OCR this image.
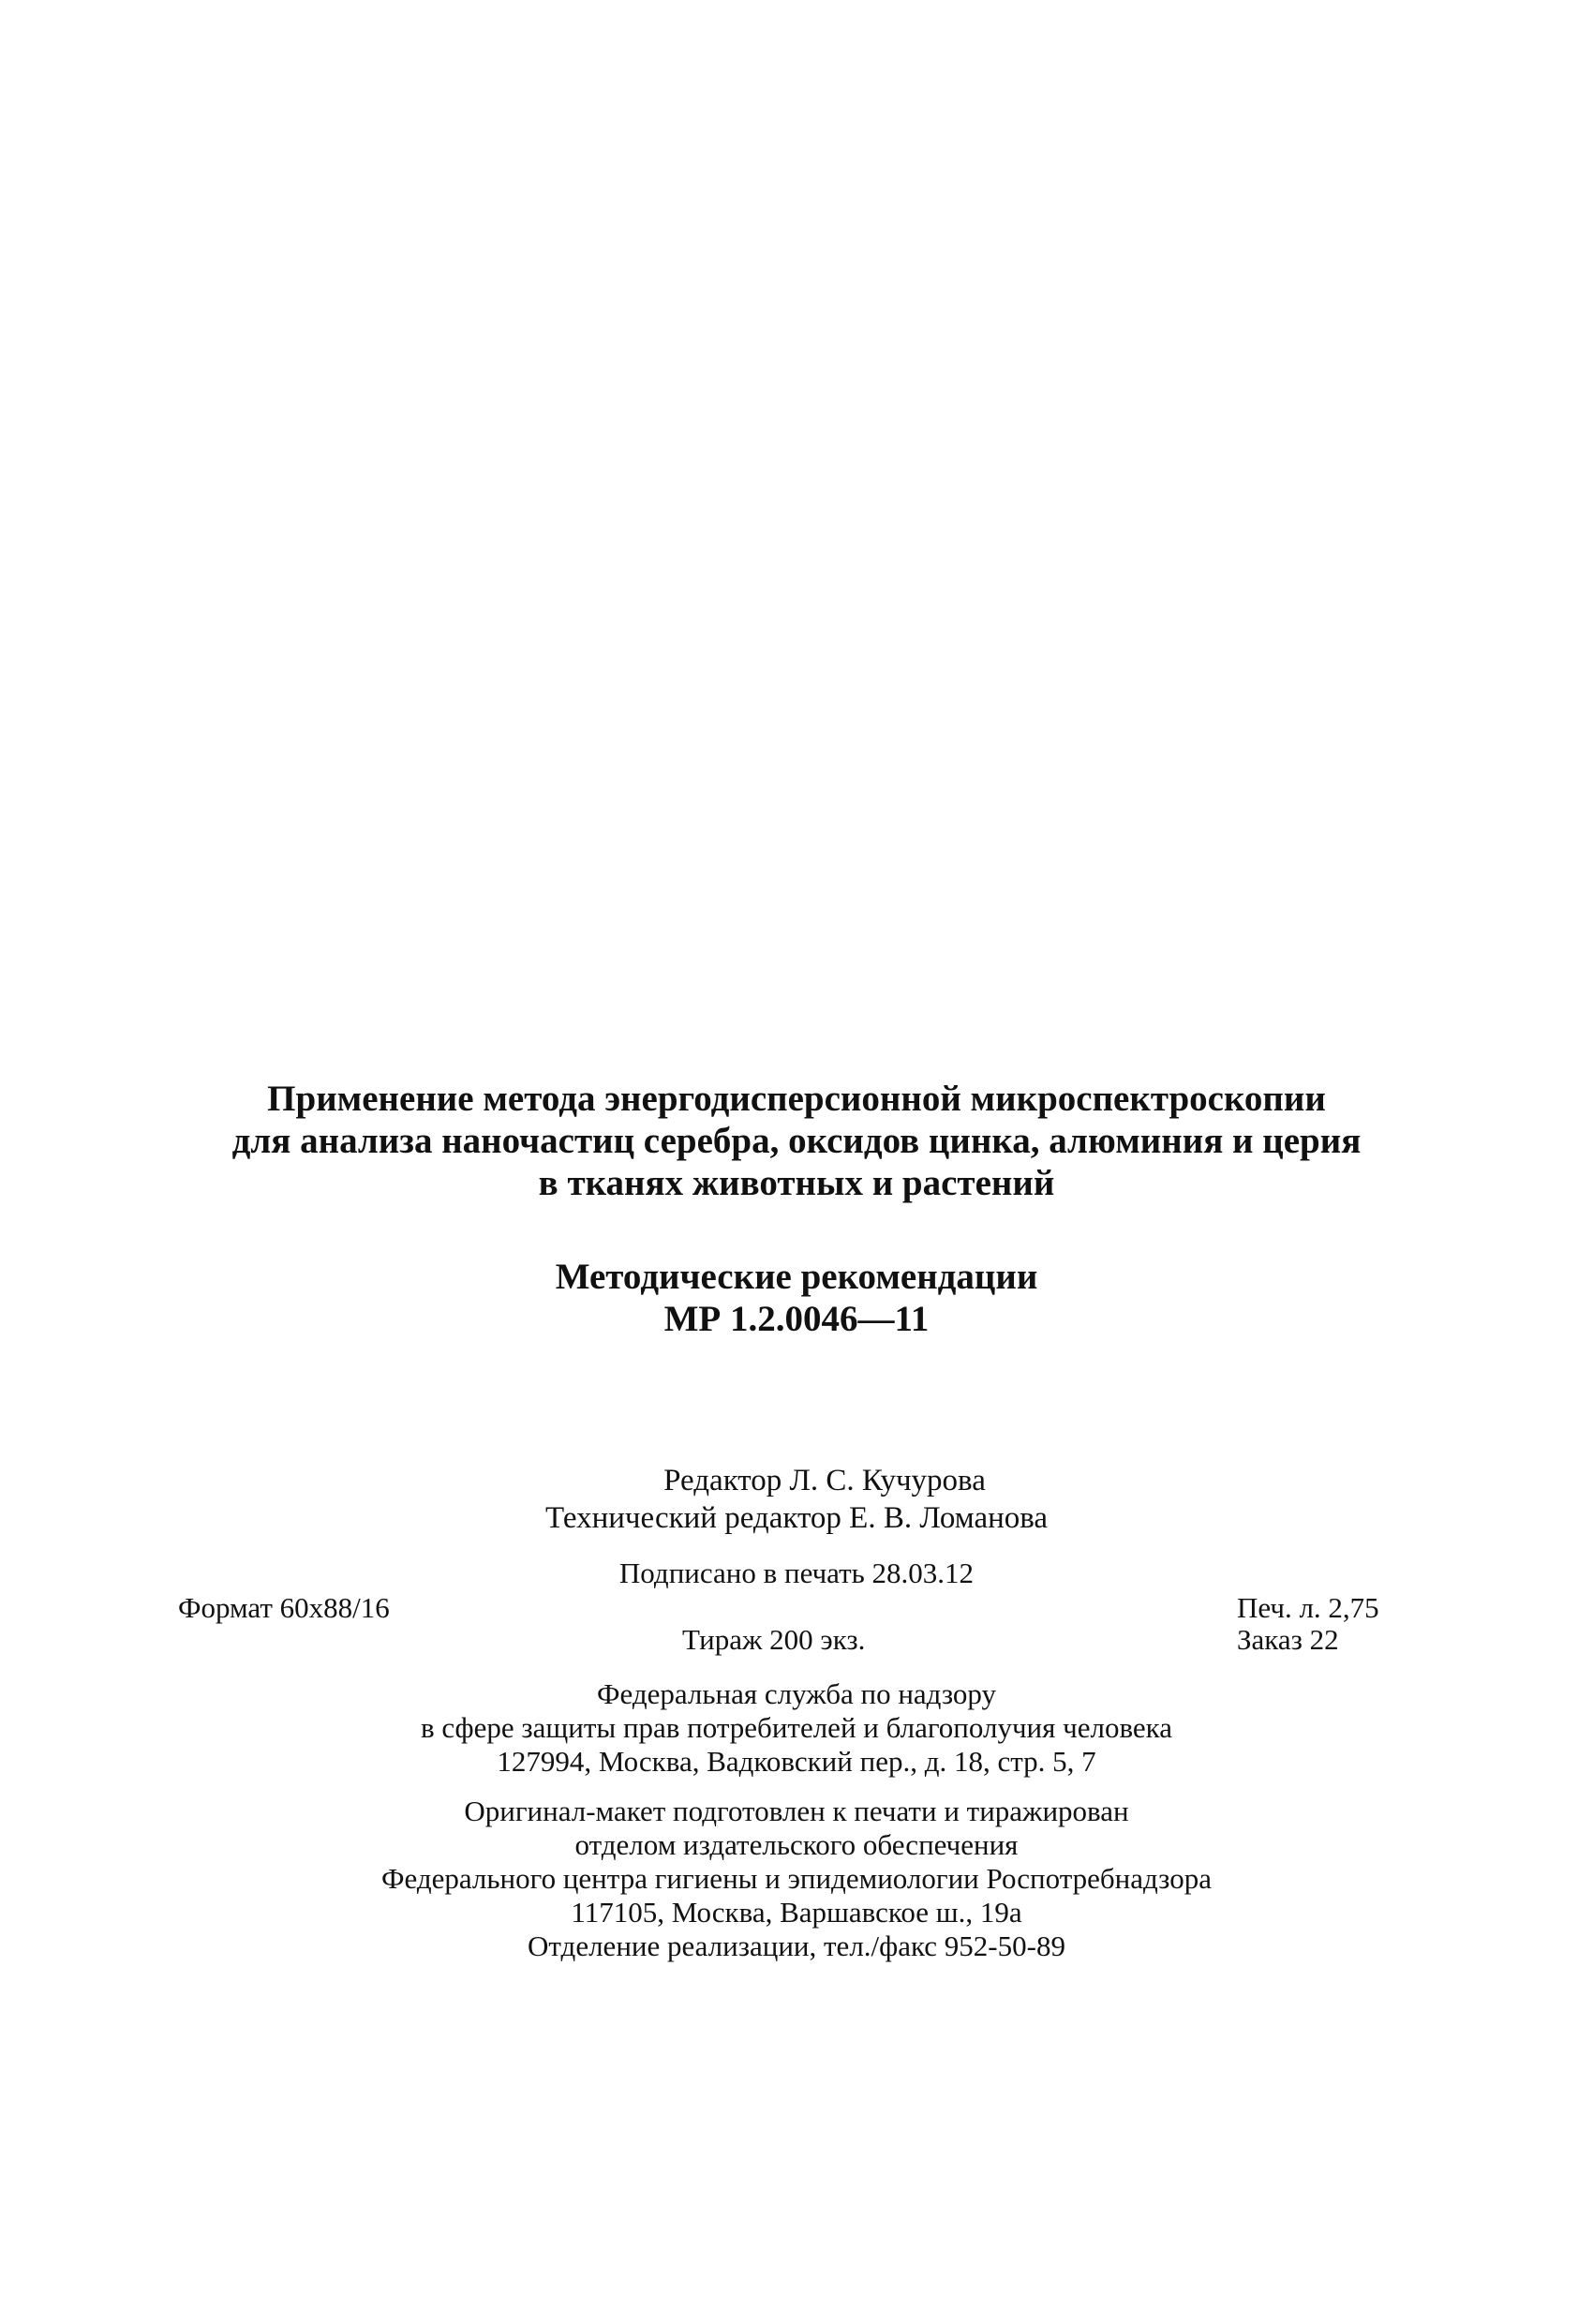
Применение метода энергодисперсионной микроспектроскопии
для анализа наночастиц серебра, оксидов цинка, алюминия и церия
в тканях животных и растений
Методические рекомендации
МР 1.2.0046—11
Редактор Л. С. Кучурова
Технический редактор Е. В. Ломанова
Подписано в печать 28.03.12
Формат 60х88/16	Печ. л. 2,75
Тираж 200 экз.	Заказ 22
Федеральная служба по надзору
в сфере защиты прав потребителей и благополучия человека
127994, Москва, Вадковский пер., д. 18, стр. 5, 7
Оригинал-макет подготовлен к печати и тиражирован
отделом издательского обеспечения
Федерального центра гигиены и эпидемиологии Роспотребнадзора
117105, Москва, Варшавское ш., 19а
Отделение реализации, тел./факс 952-50-89
